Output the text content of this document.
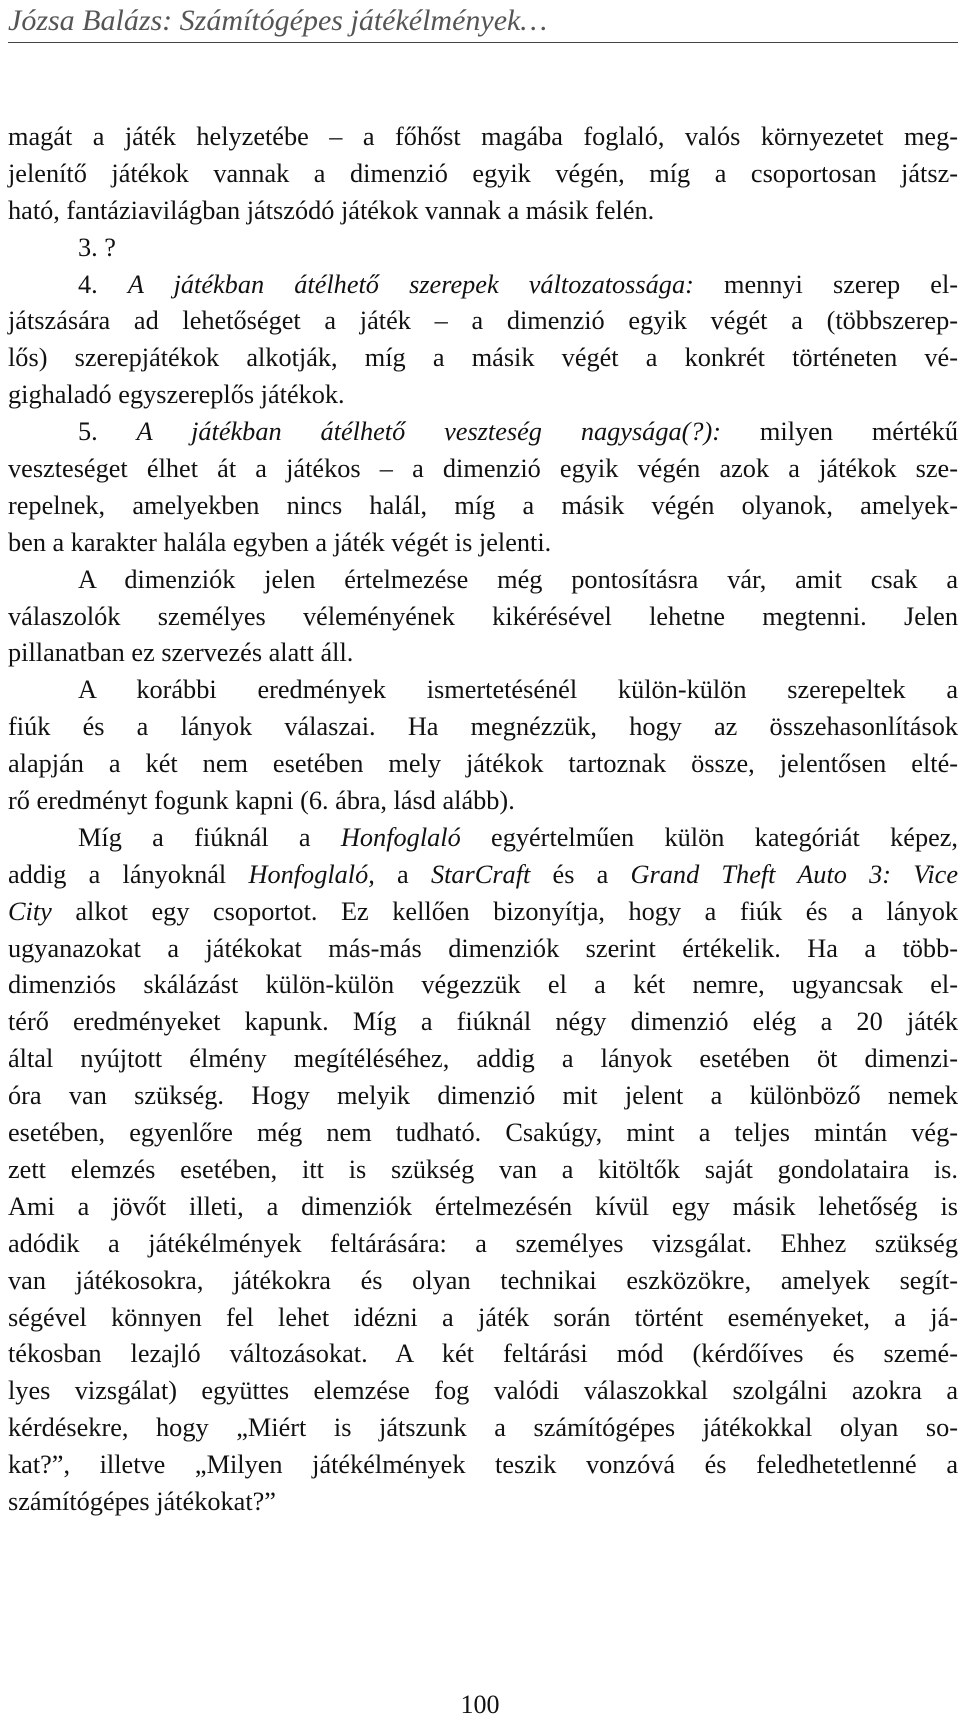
Józsa Balázs: Számítógépes játékélmények…
magát a játék helyzetébe – a főhőst magába foglaló, valós környezetet meg-
jelenítő játékok vannak a dimenzió egyik végén, míg a csoportosan játsz-
ható, fantáziavilágban játszódó játékok vannak a másik felén.
3. ?
4. A játékban átélhető szerepek változatossága: mennyi szerep el-
játszására ad lehetőséget a játék – a dimenzió egyik végét a (többszerep-
lős) szerepjátékok alkotják, míg a másik végét a konkrét történeten vé-
gighaladó egyszereplős játékok.
5. A játékban átélhető veszteség nagysága(?): milyen mértékű
veszteséget élhet át a játékos – a dimenzió egyik végén azok a játékok sze-
repelnek, amelyekben nincs halál, míg a másik végén olyanok, amelyek-
ben a karakter halála egyben a játék végét is jelenti.
A dimenziók jelen értelmezése még pontosításra vár, amit csak a
válaszolók személyes véleményének kikérésével lehetne megtenni. Jelen
pillanatban ez szervezés alatt áll.
A korábbi eredmények ismertetésénél külön-külön szerepeltek a
fiúk és a lányok válaszai. Ha megnézzük, hogy az összehasonlítások
alapján a két nem esetében mely játékok tartoznak össze, jelentősen elté-
rő eredményt fogunk kapni (6. ábra, lásd alább).
Míg a fiúknál a Honfoglaló egyértelműen külön kategóriát képez,
addig a lányoknál Honfoglaló, a StarCraft és a Grand Theft Auto 3: Vice
City alkot egy csoportot. Ez kellően bizonyítja, hogy a fiúk és a lányok
ugyanazokat a játékokat más-más dimenziók szerint értékelik. Ha a több-
dimenziós skálázást külön-külön végezzük el a két nemre, ugyancsak el-
térő eredményeket kapunk. Míg a fiúknál négy dimenzió elég a 20 játék
által nyújtott élmény megítéléséhez, addig a lányok esetében öt dimenzi-
óra van szükség. Hogy melyik dimenzió mit jelent a különböző nemek
esetében, egyenlőre még nem tudható. Csakúgy, mint a teljes mintán vég-
zett elemzés esetében, itt is szükség van a kitöltők saját gondolataira is.
Ami a jövőt illeti, a dimenziók értelmezésén kívül egy másik lehetőség is
adódik a játékélmények feltárására: a személyes vizsgálat. Ehhez szükség
van játékosokra, játékokra és olyan technikai eszközökre, amelyek segít-
ségével könnyen fel lehet idézni a játék során történt eseményeket, a já-
tékosban lezajló változásokat. A két feltárási mód (kérdőíves és szemé-
lyes vizsgálat) együttes elemzése fog valódi válaszokkal szolgálni azokra a
kérdésekre, hogy „Miért is játszunk a számítógépes játékokkal olyan so-
kat?”, illetve „Milyen játékélmények teszik vonzóvá és feledhetetlenné a
számítógépes játékokat?”
100
